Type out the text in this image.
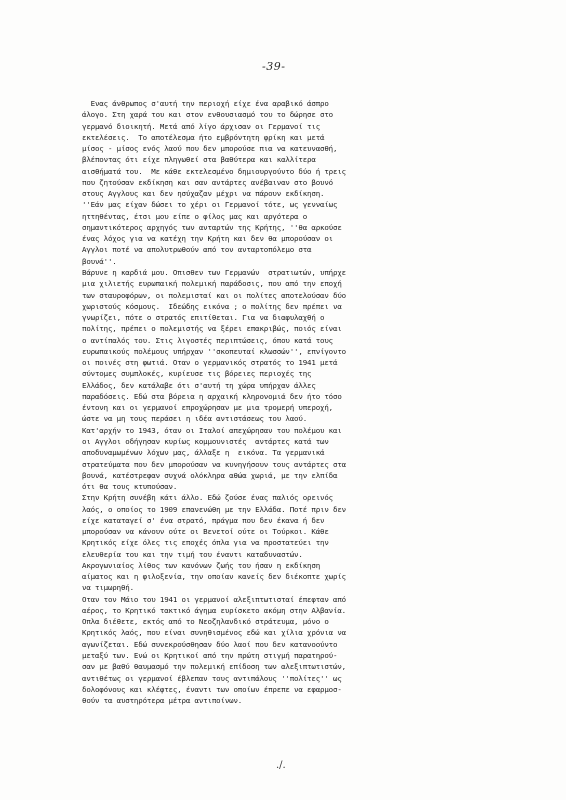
-39-
Ενας άνθρωπος σ'αυτή την περιοχή είχε ένα αραβικό άσπρο
άλογο. Στη χαρά του και στον ενθουσιασμό του το δώρησε στο
γερμανό διοικητή. Μετά από λίγο άρχισαν οι Γερμανοί τις
εκτελέσεις.  Το αποτέλεσμα ήτο εμβρόντητη φρίκη και μετά
μίσος - μίσος ενός λαού που δεν μπορούσε πια να κατευνασθή,
βλέποντας ότι είχε πληγωθεί στα βαθύτερα και καλλίτερα
αισθήματά του.  Με κάθε εκτελεσμένο δημιουργούντο δύο ή τρεις
που ζητούσαν εκδίκηση και σαν αντάρτες ανέβαιναν στο βουνό
στους Αγγλους και δεν ησύχαζαν μέχρι να πάρουν εκδίκηση.
''Εάν μας είχαν δώσει το χέρι οι Γερμανοί τότε, ως γενναίως
ηττηθέντας, έτσι μου είπε ο φίλος μας και αργότερα ο
σημαντικότερος αρχηγός των ανταρτών της Κρήτης, ''θα αρκούσε
ένας λόχος για να κατέχη την Κρήτη και δεν θα μπορούσαν οι
Αγγλοι ποτέ να απολυτρωθούν από τον ανταρτοπόλεμο στα
βουνά''.
Βάρυνε η καρδιά μου. Οπισθεν των Γερμανών  στρατιωτών, υπήρχε
μια χιλιετής ευρωπαική πολεμική παράδοσις, που από την εποχή
των σταυροφόρων, οι πολεμισταί και οι πολίτες αποτελούσαν δύο
χωριστούς κόσμους.  Ιδεώδης εικόνα ; ο πολίτης δεν πρέπει να
γνωρίζει, πότε ο στρατός επιτίθεται. Για να διαφυλαχθή ο
πολίτης, πρέπει ο πολεμιστής να ξέρει επακριβώς, ποιός είναι
ο αντίπαλός του. Στις λιγοστές περιπτώσεις, όπου κατά τους
ευρωπαικούς πολέμους υπήρχαν ''σκοπευταί κλωσσών'', επνίγοντο
οι ποινές στη φωτιά. Οταν ο γερμανικός στρατός το 1941 μετά
σύντομες συμπλοκές, κυρίευσε τις βόρειες περιοχές της
Ελλάδος, δεν κατάλαβε ότι σ'αυτή τη χώρα υπήρχαν άλλες
παραδόσεις. Εδώ στα βόρεια η αρχαική κληρονομιά δεν ήτο τόσο
έντονη και οι γερμανοί επροχώρησαν με μια τρομερή υπεροχή,
ώστε να μη τους περάσει η ιδέα αντιστάσεως του λαού.
Κατ'αρχήν το 1943, όταν οι Ιταλοί απεχώρησαν του πολέμου και
οι Αγγλοι οδήγησαν κυρίως κομμουνιστές  αντάρτες κατά των
αποδυναμωμένων λόχων μας, άλλαξε η  εικόνα. Τα γερμανικά
στρατεύματα που δεν μπορούσαν να κυνηγήσουν τους αντάρτες στα
βουνά, κατέστρεφαν συχνά ολόκληρα αθώα χωριά, με την ελπίδα
ότι θα τους κτυπούσαν.
Στην Κρήτη συνέβη κάτι άλλο. Εδώ ζούσε ένας παλιός ορεινός
λαός, ο οποίος το 1909 επανενώθη με την Ελλάδα. Ποτέ πριν δεν
είχε καταταγεί σ' ένα στρατό, πράγμα που δεν έκανα ή δεν
μπορούσαν να κάνουν ούτε οι Βενετοί ούτε οι Τούρκοι. Κάθε
Κρητικός είχε όλες τις εποχές όπλα για να προστατεύει την
ελευθερία του και την τιμή του έναντι καταδυναστών.
Ακρογωνιαίος λίθος των κανόνων ζωής του ήσαν η εκδίκηση
αίματος και η φιλοξενία, την οποίαν κανείς δεν διέκοπτε χωρίς
να τιμωρηθή.
Οταν τον Μάιο του 1941 οι γερμανοί αλεξιπτωτισταί έπεφταν από
αέρος, το Κρητικό τακτικό άγημα ευρίσκετο ακόμη στην Αλβανία.
Οπλα διέθετε, εκτός από το Νεοζηλανδικό στράτευμα, μόνο ο
Κρητικός λαός, που είναι συνηθισμένος εδώ και χίλια χρόνια να
αγωνίζεται. Εδώ συνεκρούσθησαν δύο λαοί που δεν κατανοούντο
μεταξύ των. Ενώ οι Κρητικοί από την πρώτη στιγμή παρατηρού-
σαν με βαθύ θαυμασμό την πολεμική επίδοση των αλεξιπτωτιστών,
αντιθέτως οι γερμανοί έβλεπαν τους αντιπάλους ''πολίτες'' ως
δολοφόνους και κλέφτες, έναντι των οποίων έπρεπε να εφαρμοσ-
θούν τα αυστηρότερα μέτρα αντιποίνων.
./.
